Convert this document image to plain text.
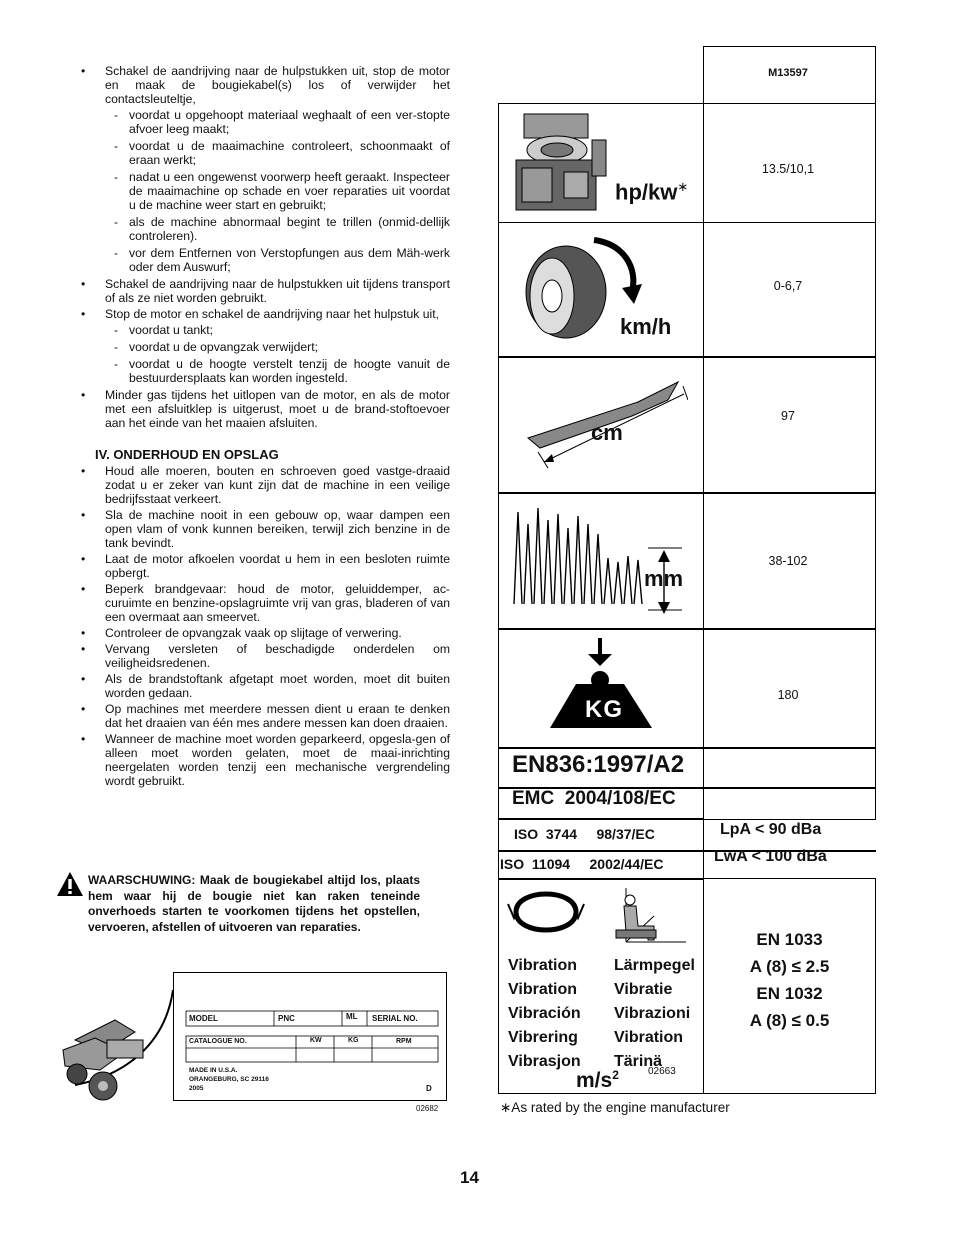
• Schakel de aandrijving naar de hulpstukken uit, stop de motor en maak de bougiekabel(s) los of verwijder het contactsleuteltje,
- voordat u opgehoopt materiaal weghaalt of een ver-stopte afvoer leeg maakt;
- voordat u de maaimachine controleert, schoonmaakt of eraan werkt;
- nadat u een ongewenst voorwerp heeft geraakt. Inspecteer de maaimachine op schade en voer reparaties uit voordat u de machine weer start en gebruikt;
- als de machine abnormaal begint te trillen (onmid-dellijk controleren).
- vor dem Entfernen von Verstopfungen aus dem Mäh-werk oder dem Auswurf;
• Schakel de aandrijving naar de hulpstukken uit tijdens transport of als ze niet worden gebruikt.
• Stop de motor en schakel de aandrijving naar het hulpstuk uit,
- voordat u tankt;
- voordat u de opvangzak verwijdert;
- voordat u de hoogte verstelt tenzij de hoogte vanuit de bestuurdersplaats kan worden ingesteld.
• Minder gas tijdens het uitlopen van de motor, en als de motor met een afsluitklep is uitgerust, moet u de brand-stoftoevoer aan het einde van het maaien afsluiten.
IV. ONDERHOUD EN OPSLAG
• Houd alle moeren, bouten en schroeven goed vastge-draaid zodat u er zeker van kunt zijn dat de machine in een veilige bedrijfsstaat verkeert.
• Sla de machine nooit in een gebouw op, waar dampen een open vlam of vonk kunnen bereiken, terwijl zich benzine in de tank bevindt.
• Laat de motor afkoelen voordat u hem in een besloten ruimte opbergt.
• Beperk brandgevaar: houd de motor, geluiddemper, ac-curuimte en benzine-opslagruimte vrij van gras, bladeren of van een overmaat aan smeervet.
• Controleer de opvangzak vaak op slijtage of verwering.
• Vervang versleten of beschadigde onderdelen om veiligheidsredenen.
• Als de brandstoftank afgetapt moet worden, moet dit buiten worden gedaan.
• Op machines met meerdere messen dient u eraan te denken dat het draaien van één mes andere messen kan doen draaien.
• Wanneer de machine moet worden geparkeerd, opgesla-gen of alleen moet worden gelaten, moet de maai-inrichting neergelaten worden tenzij een mechanische vergrendeling wordt gebruikt.
WAARSCHUWING: Maak de bougiekabel altijd los, plaats hem waar hij de bougie niet kan raken teneinde onverhoeds starten te voorkomen tijdens het opstellen, vervoeren, afstellen of uitvoeren van reparaties.
MODEL	PNC	ML SERIAL NO.
CATALOGUE NO.	KW	KG	RPM
MADE IN U.S.A.
ORANGEBURG, SC 29116
2005	D
02682
M13597
hp/kw∗
13.5/10,1
km/h
0-6,7
cm
97
mm
38-102
KG
180
EN836:1997/A2
EMC  2004/108/EC
ISO  3744     98/37/EC	LpA < 90 dBa
ISO  11094     2002/44/EC	LwA < 100 dBa
Vibration
Vibration
Vibración
Vibrering
Vibrasjon
Lärmpegel
Vibratie
Vibrazioni
Vibration
Tärinä
$m/s^2$	02663
EN 1033
A (8) ≤ 2.5
EN 1032
A (8) ≤ 0.5
∗As rated by the engine manufacturer
14
